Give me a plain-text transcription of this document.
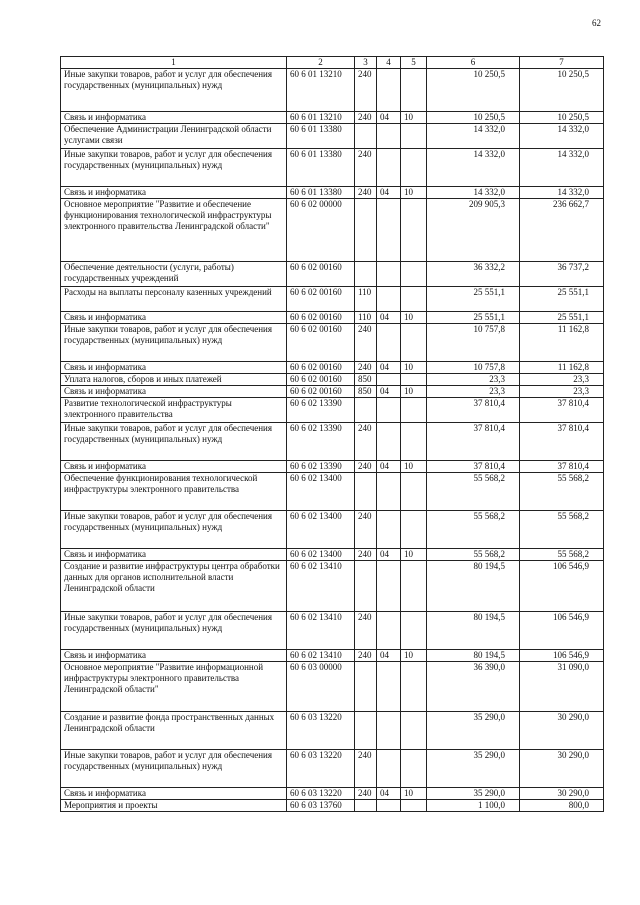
62
1	2	3	4	5	6	7
Иные закупки товаров, работ и услуг для обеспечения государственных (муниципальных) нужд	60 6 01 13210	240			10 250,5	10 250,5
Связь и информатика	60 6 01 13210	240	04	10	10 250,5	10 250,5
Обеспечение Администрации Ленинградской области услугами связи	60 6 01 13380				14 332,0	14 332,0
Иные закупки товаров, работ и услуг для обеспечения государственных (муниципальных) нужд	60 6 01 13380	240			14 332,0	14 332,0
Связь и информатика	60 6 01 13380	240	04	10	14 332,0	14 332,0
Основное мероприятие "Развитие и обеспечение функционирования технологической инфраструктуры электронного правительства Ленинградской области"	60 6 02 00000				209 905,3	236 662,7
Обеспечение деятельности (услуги, работы) государственных учреждений	60 6 02 00160				36 332,2	36 737,2
Расходы на выплаты персоналу казенных учреждений	60 6 02 00160	110			25 551,1	25 551,1
Связь и информатика	60 6 02 00160	110	04	10	25 551,1	25 551,1
Иные закупки товаров, работ и услуг для обеспечения государственных (муниципальных) нужд	60 6 02 00160	240			10 757,8	11 162,8
Связь и информатика	60 6 02 00160	240	04	10	10 757,8	11 162,8
Уплата налогов, сборов и иных платежей	60 6 02 00160	850			23,3	23,3
Связь и информатика	60 6 02 00160	850	04	10	23,3	23,3
Развитие технологической инфраструктуры электронного правительства	60 6 02 13390				37 810,4	37 810,4
Иные закупки товаров, работ и услуг для обеспечения государственных (муниципальных) нужд	60 6 02 13390	240			37 810,4	37 810,4
Связь и информатика	60 6 02 13390	240	04	10	37 810,4	37 810,4
Обеспечение функционирования технологической инфраструктуры электронного правительства	60 6 02 13400				55 568,2	55 568,2
Иные закупки товаров, работ и услуг для обеспечения государственных (муниципальных) нужд	60 6 02 13400	240			55 568,2	55 568,2
Связь и информатика	60 6 02 13400	240	04	10	55 568,2	55 568,2
Создание и развитие инфраструктуры центра обработки данных для органов исполнительной власти Ленинградской области	60 6 02 13410				80 194,5	106 546,9
Иные закупки товаров, работ и услуг для обеспечения государственных (муниципальных) нужд	60 6 02 13410	240			80 194,5	106 546,9
Связь и информатика	60 6 02 13410	240	04	10	80 194,5	106 546,9
Основное мероприятие "Развитие информационной инфраструктуры электронного правительства Ленинградской области"	60 6 03 00000				36 390,0	31 090,0
Создание и развитие фонда пространственных данных Ленинградской области	60 6 03 13220				35 290,0	30 290,0
Иные закупки товаров, работ и услуг для обеспечения государственных (муниципальных) нужд	60 6 03 13220	240			35 290,0	30 290,0
Связь и информатика	60 6 03 13220	240	04	10	35 290,0	30 290,0
Мероприятия и проекты	60 6 03 13760				1 100,0	800,0
